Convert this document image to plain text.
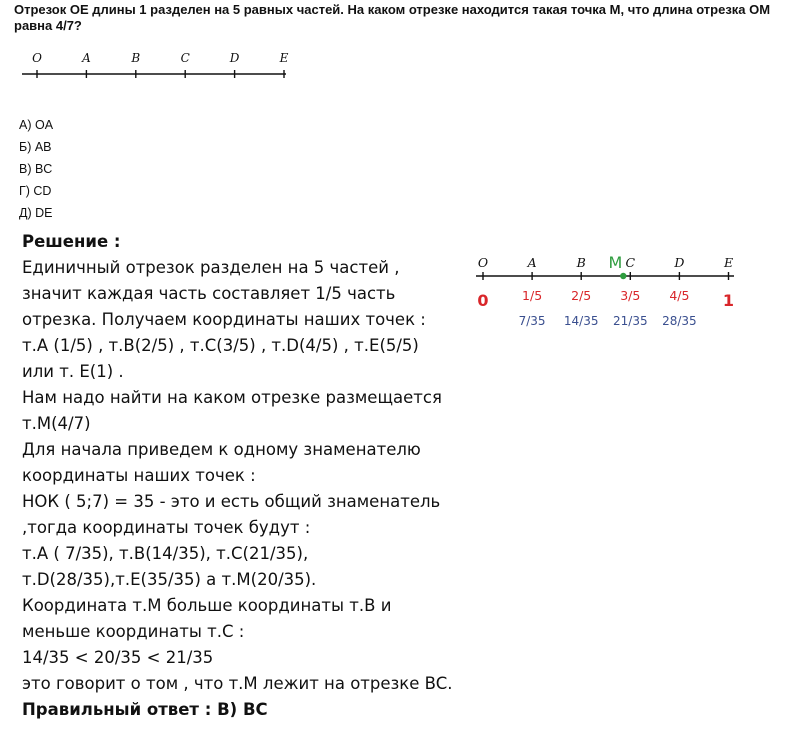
Отрезок OE длины 1 разделен на 5 равных частей. На каком отрезке находится такая точка M, что длина отрезка OM равна 4/7?
O	A	B	C	D	E
А) OA
Б) AB
В) BC
Г) CD
Д) DE

Решение :

Единичный отрезок разделен на 5 частей ,

значит каждая часть составляет 1/5 часть

отрезка. Получаем координаты наших точек :

т.A (1/5) , т.B(2/5) , т.C(3/5) , т.D(4/5) , т.E(5/5)

или т. E(1) .

Нам надо найти на каком отрезке размещается

т.M(4/7)

Для начала приведем к одному знаменателю

координаты наших точек :

НОК ( 5;7) = 35 - это и есть общий знаменатель

,тогда координаты точек будут :

т.A ( 7/35), т.B(14/35), т.C(21/35),

т.D(28/35),т.E(35/35) а т.M(20/35).

Координата т.M больше координаты т.B и

меньше координаты т.C :

14/35 < 20/35 < 21/35

это говорит о том , что т.M лежит на отрезке BC.

Правильный ответ : В) BC

O	A	B	C	D	E
0	1/5 2/5 3/5 4/5 1
7/35 14/35 21/35 28/35
M
